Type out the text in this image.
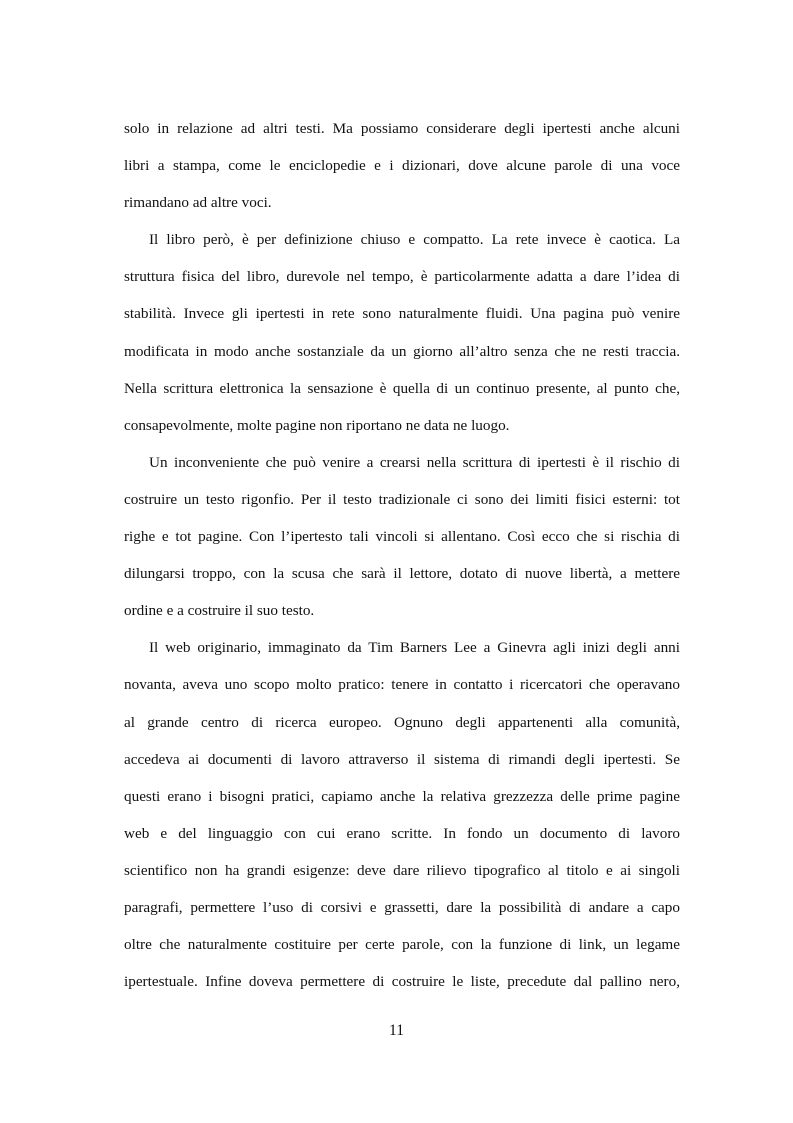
solo in relazione ad altri testi. Ma possiamo considerare degli ipertesti anche alcuni
libri a stampa, come le enciclopedie e i dizionari, dove alcune parole di una voce
rimandano ad altre voci.
Il libro però, è per definizione chiuso e compatto. La rete invece è caotica. La
struttura fisica del libro, durevole nel tempo, è particolarmente adatta a dare l’idea di
stabilità. Invece gli ipertesti in rete sono naturalmente fluidi. Una pagina può venire
modificata in modo anche sostanziale da un giorno all’altro senza che ne resti traccia.
Nella scrittura elettronica la sensazione è quella di un continuo presente, al punto che,
consapevolmente, molte pagine non riportano ne data ne luogo.
Un inconveniente che può venire a crearsi nella scrittura di ipertesti è il rischio di
costruire un testo rigonfio. Per il testo tradizionale ci sono dei limiti fisici esterni: tot
righe e tot pagine. Con l’ipertesto tali vincoli si allentano. Così ecco che si rischia di
dilungarsi troppo, con la scusa che sarà il lettore, dotato di nuove libertà, a mettere
ordine e a costruire il suo testo.
Il web originario, immaginato da Tim Barners Lee a Ginevra agli inizi degli anni
novanta, aveva uno scopo molto pratico: tenere in contatto i ricercatori che operavano
al grande centro di ricerca europeo. Ognuno degli appartenenti alla comunità,
accedeva ai documenti di lavoro attraverso il sistema di rimandi degli ipertesti. Se
questi erano i bisogni pratici, capiamo anche la relativa grezzezza delle prime pagine
web e del linguaggio con cui erano scritte. In fondo un documento di lavoro
scientifico non ha grandi esigenze: deve dare rilievo tipografico al titolo e ai singoli
paragrafi, permettere l’uso di corsivi e grassetti, dare la possibilità di andare a capo
oltre che naturalmente costituire per certe parole, con la funzione di link, un legame
ipertestuale. Infine doveva permettere di costruire le liste, precedute dal pallino nero,
11
